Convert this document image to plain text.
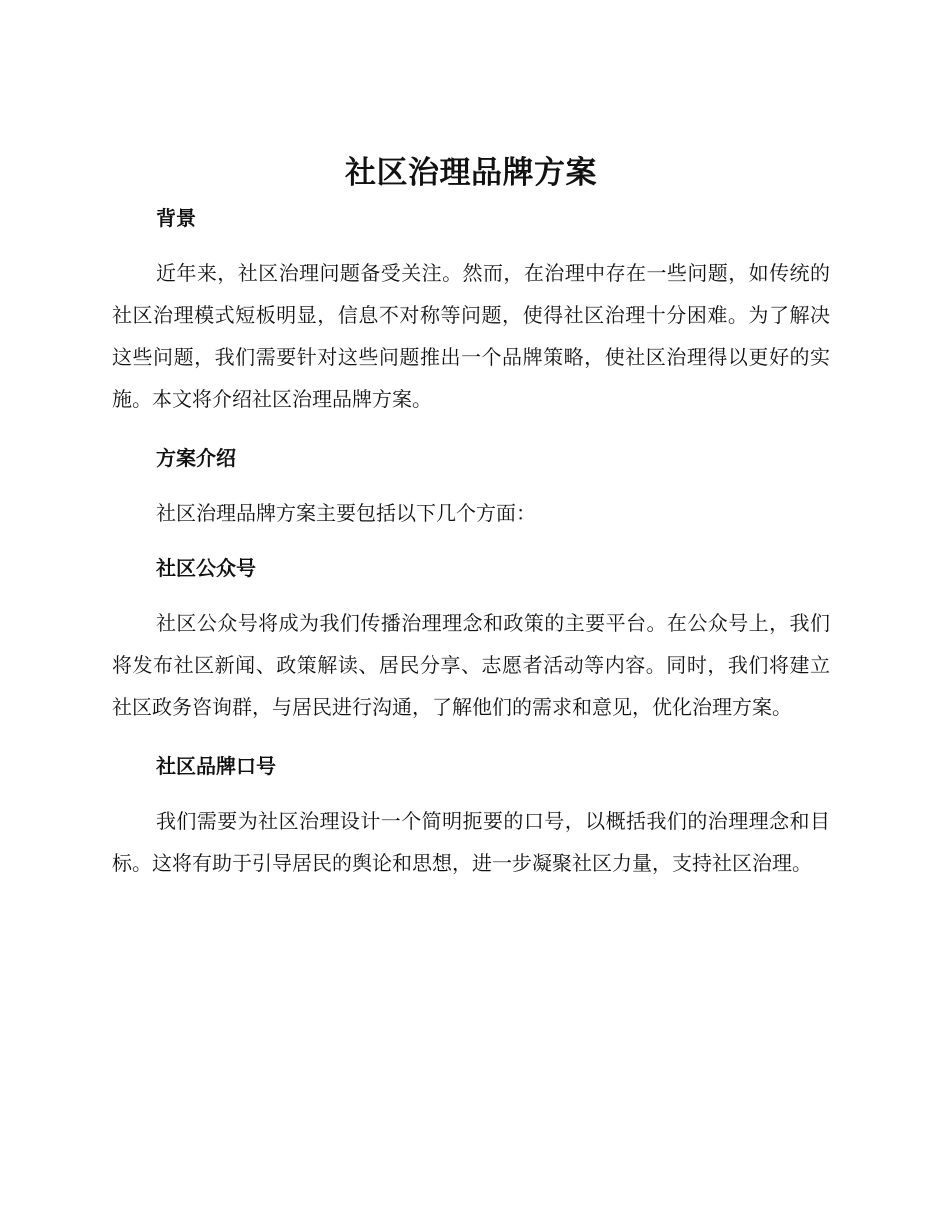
社区治理品牌方案
背景

近年来，社区治理问题备受关注。然而，在治理中存在一些问题，如传统的社区治理模式短板明显，信息不对称等问题，使得社区治理十分困难。为了解决这些问题，我们需要针对这些问题推出一个品牌策略，使社区治理得以更好的实施。本文将介绍社区治理品牌方案。

方案介绍

社区治理品牌方案主要包括以下几个方面：

社区公众号

社区公众号将成为我们传播治理理念和政策的主要平台。在公众号上，我们将发布社区新闻、政策解读、居民分享、志愿者活动等内容。同时，我们将建立社区政务咨询群，与居民进行沟通，了解他们的需求和意见，优化治理方案。

社区品牌口号

我们需要为社区治理设计一个简明扼要的口号，以概括我们的治理理念和目标。这将有助于引导居民的舆论和思想，进一步凝聚社区力量，支持社区治理。
